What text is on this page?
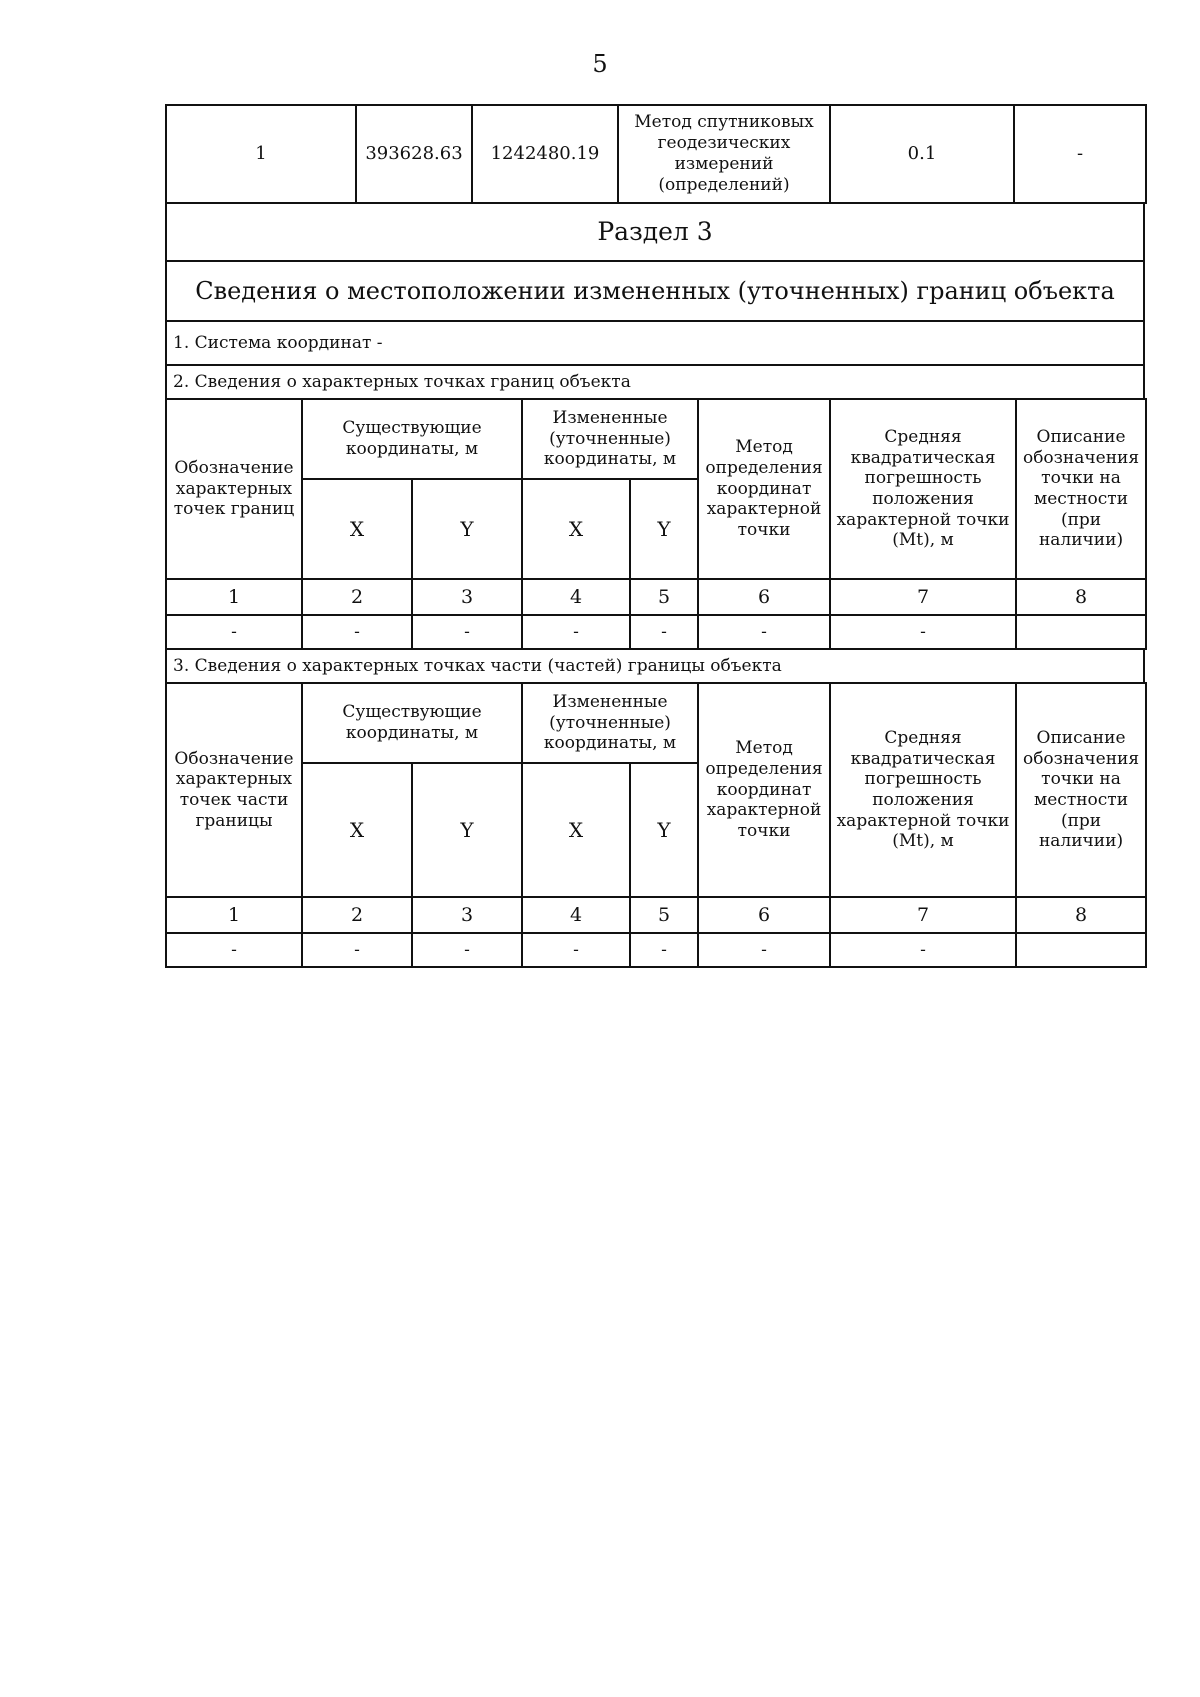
5
1	393628.63	1242480.19	Метод спутниковых геодезических измерений (определений)	0.1	-
Раздел 3
Сведения о местоположении измененных (уточненных) границ объекта
1. Система координат -
2. Сведения о характерных точках границ объекта
Обозначение характерных точек границ	Существующие координаты, м		Измененные (уточненные) координаты, м		Метод определения координат характерной точки	Средняя квадратическая погрешность положения характерной точки (Mt), м	Описание обозначения точки на местности (при наличии)
	X	Y	X	Y			
1	2	3	4	5	6	7	8
-	-	-	-	-	-	-	
3. Сведения о характерных точках части (частей) границы объекта
Обозначение характерных точек части границы	Существующие координаты, м		Измененные (уточненные) координаты, м		Метод определения координат характерной точки	Средняя квадратическая погрешность положения характерной точки (Mt), м	Описание обозначения точки на местности (при наличии)
	X	Y	X	Y			
1	2	3	4	5	6	7	8
-	-	-	-	-	-	-	
